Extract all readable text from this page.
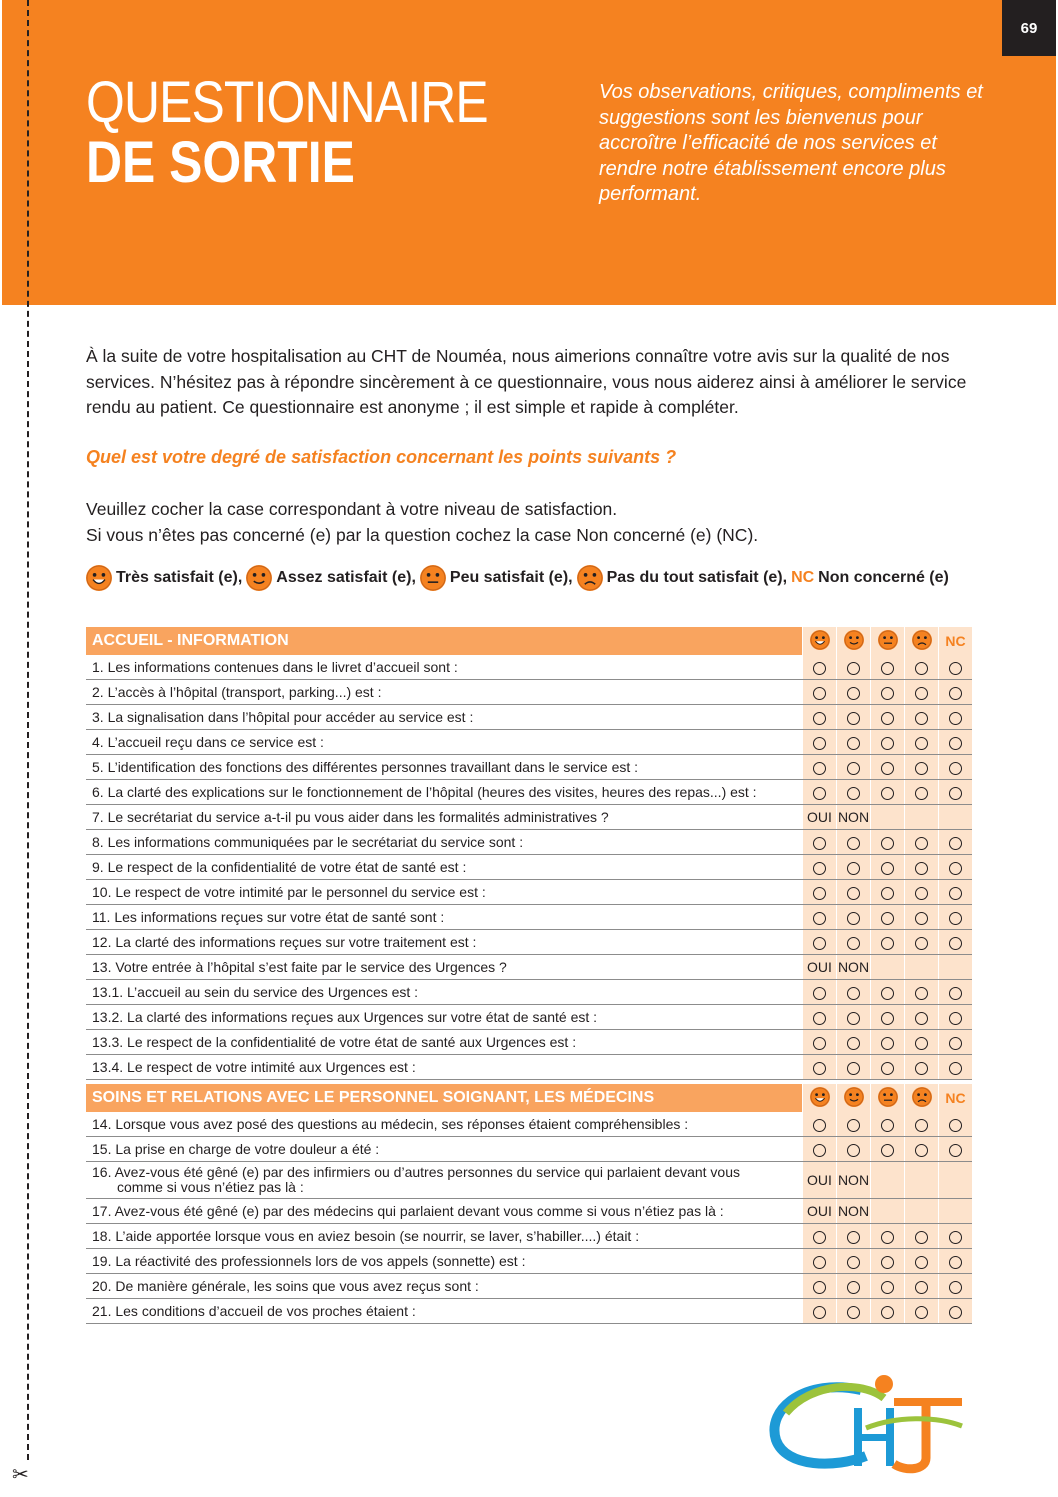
69
QUESTIONNAIRE
DE SORTIE
Vos observations, critiques, compliments et suggestions sont les bienvenus pour accroître l’efficacité de nos services et rendre notre établissement encore plus performant.
✂
À la suite de votre hospitalisation au CHT de Nouméa, nous aimerions connaître votre avis sur la qualité de nos services. N’hésitez pas à répondre sincèrement à ce questionnaire, vous nous aiderez ainsi à améliorer le service rendu au patient. Ce questionnaire est anonyme ; il est simple et rapide à compléter.
Quel est votre degré de satisfaction concernant les points suivants ?
Veuillez cocher la case correspondant à votre niveau de satisfaction.
Si vous n’êtes pas concerné (e) par la question cochez la case Non concerné (e) (NC).
Très satisfait (e), Assez satisfait (e), Peu satisfait (e), Pas du tout satisfait (e), NC Non concerné (e)
ACCUEIL - INFORMATION					NC

1. Les informations contenues dans le livret d’accueil sont :					

2. L’accès à l’hôpital (transport, parking...) est :					

3. La signalisation dans l’hôpital pour accéder au service est :					

4. L’accueil reçu dans ce service est :					

5. L’identification des fonctions des différentes personnes travaillant dans le service est :					

6. La clarté des explications sur le fonctionnement de l’hôpital (heures des visites, heures des repas...) est :					

7. Le secrétariat du service a-t-il pu vous aider dans les formalités administratives ?	OUI	NON			

8. Les informations communiquées par le secrétariat du service sont :					

9. Le respect de la confidentialité de votre état de santé est :					

10. Le respect de votre intimité par le personnel du service est :					

11. Les informations reçues sur votre état de santé sont :					

12. La clarté des informations reçues sur votre traitement est :					

13. Votre entrée à l’hôpital s’est faite par le service des Urgences ?	OUI	NON			

13.1. L’accueil au sein du service des Urgences est :					

13.2. La clarté des informations reçues aux Urgences sur votre état de santé est :					

13.3. Le respect de la confidentialité de votre état de santé aux Urgences est :					

13.4. Le respect de votre intimité aux Urgences est :					

SOINS ET RELATIONS AVEC LE PERSONNEL SOIGNANT, LES MÉDECINS					NC

14. Lorsque vous avez posé des questions au médecin, ses réponses étaient compréhensibles :					

15. La prise en charge de votre douleur a été :					

16. Avez-vous été gêné (e) par des infirmiers ou d’autres personnes du service qui parlaient devant vous
comme si vous n’étiez pas là :	OUI	NON			

17. Avez-vous été gêné (e) par des médecins qui parlaient devant vous comme si vous n’étiez pas là :	OUI	NON			

18. L’aide apportée lorsque vous en aviez besoin (se nourrir, se laver, s’habiller....) était :					

19. La réactivité des professionnels lors de vos appels (sonnette) est :					

20. De manière générale, les soins que vous avez reçus sont :					

21. Les conditions d’accueil de vos proches étaient :					
